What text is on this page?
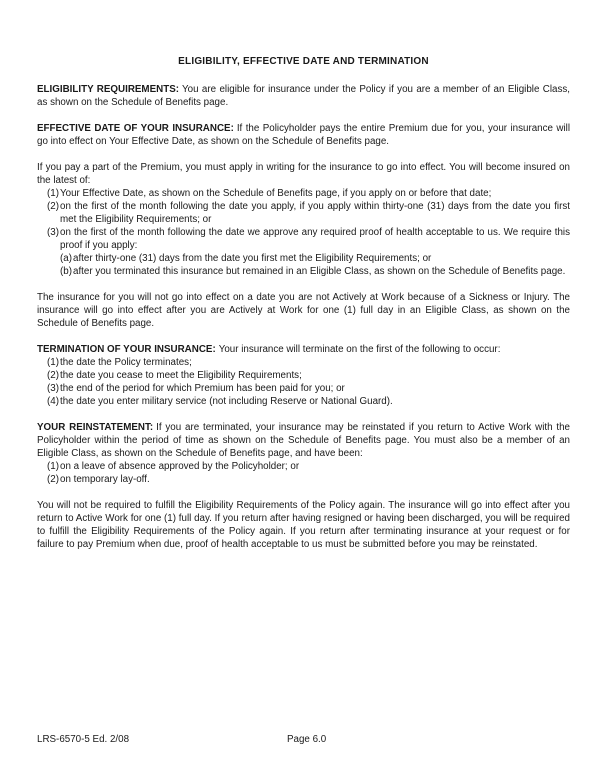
ELIGIBILITY, EFFECTIVE DATE AND TERMINATION

ELIGIBILITY REQUIREMENTS: You are eligible for insurance under the Policy if you are a member of an Eligible Class, as shown on the Schedule of Benefits page.

EFFECTIVE DATE OF YOUR INSURANCE: If the Policyholder pays the entire Premium due for you, your insurance will go into effect on Your Effective Date, as shown on the Schedule of Benefits page.

If you pay a part of the Premium, you must apply in writing for the insurance to go into effect. You will become insured on the latest of:

(1) Your Effective Date, as shown on the Schedule of Benefits page, if you apply on or before that date;
(2) on the first of the month following the date you apply, if you apply within thirty-one (31) days from the date you first met the Eligibility Requirements; or
(3) on the first of the month following the date we approve any required proof of health acceptable to us. We require this proof if you apply:
(a) after thirty-one (31) days from the date you first met the Eligibility Requirements; or
(b) after you terminated this insurance but remained in an Eligible Class, as shown on the Schedule of Benefits page.

The insurance for you will not go into effect on a date you are not Actively at Work because of a Sickness or Injury. The insurance will go into effect after you are Actively at Work for one (1) full day in an Eligible Class, as shown on the Schedule of Benefits page.

TERMINATION OF YOUR INSURANCE: Your insurance will terminate on the first of the following to occur:

(1) the date the Policy terminates;
(2) the date you cease to meet the Eligibility Requirements;
(3) the end of the period for which Premium has been paid for you; or
(4) the date you enter military service (not including Reserve or National Guard).

YOUR REINSTATEMENT: If you are terminated, your insurance may be reinstated if you return to Active Work with the Policyholder within the period of time as shown on the Schedule of Benefits page. You must also be a member of an Eligible Class, as shown on the Schedule of Benefits page, and have been:

(1) on a leave of absence approved by the Policyholder; or
(2) on temporary lay-off.

You will not be required to fulfill the Eligibility Requirements of the Policy again. The insurance will go into effect after you return to Active Work for one (1) full day. If you return after having resigned or having been discharged, you will be required to fulfill the Eligibility Requirements of the Policy again. If you return after terminating insurance at your request or for failure to pay Premium when due, proof of health acceptable to us must be submitted before you may be reinstated.

LRS-6570-5 Ed. 2/08	Page 6.0
